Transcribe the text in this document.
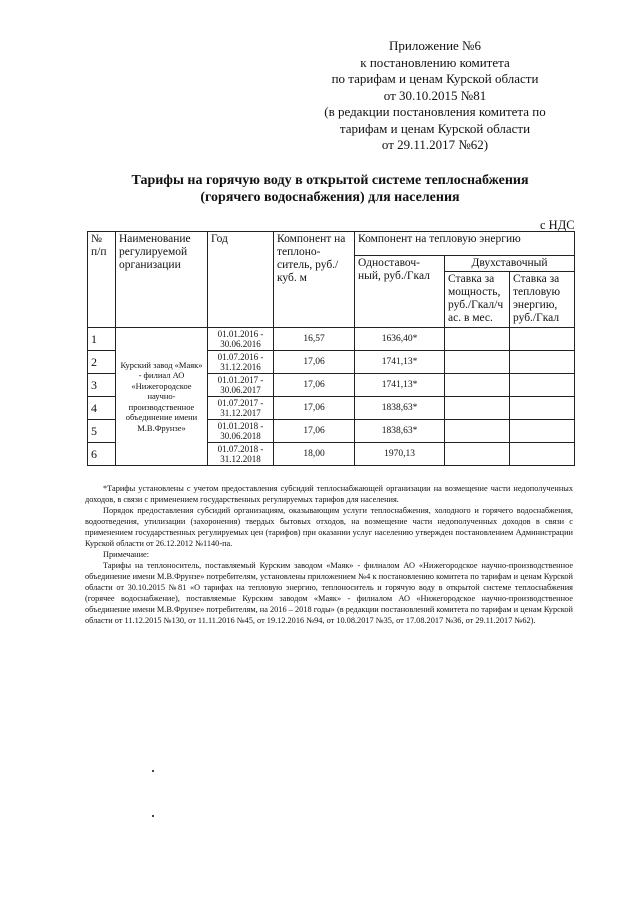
Приложение №6
к постановлению комитета
по тарифам и ценам Курской области
от 30.10.2015 №81
(в редакции постановления комитета по
тарифам и ценам Курской области
от 29.11.2017 №62)
Тарифы на горячую воду в открытой системе теплоснабжения
(горячего водоснабжения) для населения
с НДС
№ п/п	Наименование регулируемой организации	Год	Компонент на теплоно-ситель, руб./куб. м	Компонент на тепловую энергию		
				Одноставоч-ный, руб./Гкал	Двухставочный	
					Ставка за мощность, руб./Гкал/ч ас. в мес.	Ставка за тепловую энергию, руб./Гкал
1	Курский завод «Маяк» - филиал АО «Нижегородское научно-производственное объединение имени М.В.Фрунзе»	01.01.2016 - 30.06.2016	16,57	1636,40*		
2		01.07.2016 - 31.12.2016	17,06	1741,13*		
3		01.01.2017 - 30.06.2017	17,06	1741,13*		
4		01.07.2017 - 31.12.2017	17,06	1838,63*		
5		01.01.2018 - 30.06.2018	17,06	1838,63*		
6		01.07.2018 - 31.12.2018	18,00	1970,13		

*Тарифы установлены с учетом предоставления субсидий теплоснабжающей организации на возмещение части недополученных доходов, в связи с применением государственных регулируемых тарифов для населения.

Порядок предоставления субсидий организациям, оказывающим услуги теплоснабжения, холодного и горячего водоснабжения, водоотведения, утилизации (захоронения) твердых бытовых отходов, на возмещение части недополученных доходов в связи с применением государственных регулируемых цен (тарифов) при оказании услуг населению утвержден постановлением Администрации Курской области от 26.12.2012 №1140-па.

Примечание:

Тарифы на теплоноситель, поставляемый Курским заводом «Маяк» - филиалом АО «Нижегородское научно-производственное объединение имени М.В.Фрунзе» потребителям, установлены приложением №4 к постановлению комитета по тарифам и ценам Курской области от 30.10.2015 №81 «О тарифах на тепловую энергию, теплоноситель и горячую воду в открытой системе теплоснабжения (горячее водоснабжение), поставляемые Курским заводом «Маяк» - филиалом АО «Нижегородское научно-производственное объединение имени М.В.Фрунзе» потребителям, на 2016 – 2018 годы» (в редакции постановлений комитета по тарифам и ценам Курской области от 11.12.2015 №130, от 11.11.2016 №45, от 19.12.2016 №94, от 10.08.2017 №35, от 17.08.2017 №36, от 29.11.2017 №62).
